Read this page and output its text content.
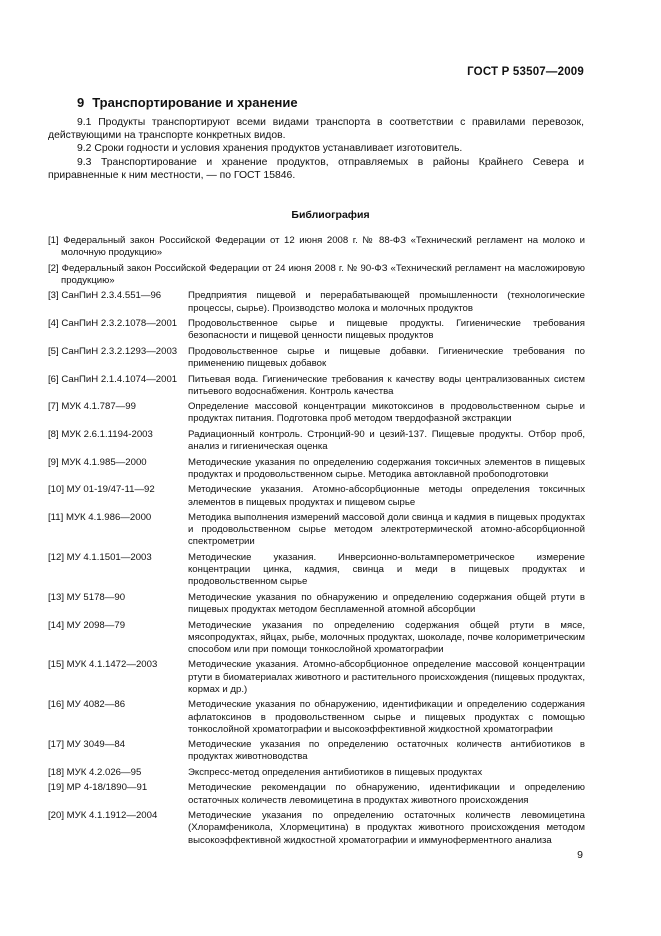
ГОСТ Р 53507—2009
9 Транспортирование и хранение

9.1 Продукты транспортируют всеми видами транспорта в соответствии с правилами перевозок, действующими на транспорте конкретных видов.

9.2 Сроки годности и условия хранения продуктов устанавливает изготовитель.

9.3 Транспортирование и хранение продуктов, отправляемых в районы Крайнего Севера и приравненные к ним местности, — по ГОСТ 15846.

Библиография

[1] Федеральный закон Российской Федерации от 12 июня 2008 г. № 88-ФЗ «Технический регламент на молоко и молочную продукцию»

[2] Федеральный закон Российской Федерации от 24 июня 2008 г. № 90-ФЗ «Технический регламент на масложировую продукцию»

[3] СанПиН 2.3.4.551—96	Предприятия пищевой и перерабатывающей промышленности (технологические процессы, сырье). Производство молока и молочных продуктов
[4] СанПиН 2.3.2.1078—2001	Продовольственное сырье и пищевые продукты. Гигиенические требования безопасности и пищевой ценности пищевых продуктов
[5] СанПиН 2.3.2.1293—2003	Продовольственное сырье и пищевые добавки. Гигиенические требования по применению пищевых добавок
[6] СанПиН 2.1.4.1074—2001	Питьевая вода. Гигиенические требования к качеству воды централизованных систем питьевого водоснабжения. Контроль качества
[7] МУК 4.1.787—99	Определение массовой концентрации микотоксинов в продовольственном сырье и продуктах питания. Подготовка проб методом твердофазной экстракции
[8] МУК 2.6.1.1194-2003	Радиационный контроль. Стронций-90 и цезий-137. Пищевые продукты. Отбор проб, анализ и гигиеническая оценка
[9] МУК 4.1.985—2000	Методические указания по определению содержания токсичных элементов в пищевых продуктах и продовольственном сырье. Методика автоклавной пробоподготовки
[10] МУ 01-19/47-11—92	Методические указания. Атомно-абсорбционные методы определения токсичных элементов в пищевых продуктах и пищевом сырье
[11] МУК 4.1.986—2000	Методика выполнения измерений массовой доли свинца и кадмия в пищевых продуктах и продовольственном сырье методом электротермической атомно-абсорбционной спектрометрии
[12] МУ 4.1.1501—2003	Методические указания. Инверсионно-вольтамперометрическое измерение концентрации цинка, кадмия, свинца и меди в пищевых продуктах и продовольственном сырье
[13] МУ 5178—90	Методические указания по обнаружению и определению содержания общей ртути в пищевых продуктах методом беспламенной атомной абсорбции
[14] МУ 2098—79	Методические указания по определению содержания общей ртути в мясе, мясопродуктах, яйцах, рыбе, молочных продуктах, шоколаде, почве колориметрическим способом или при помощи тонкослойной хроматографии
[15] МУК 4.1.1472—2003	Методические указания. Атомно-абсорбционное определение массовой концентрации ртути в биоматериалах животного и растительного происхождения (пищевых продуктах, кормах и др.)
[16] МУ 4082—86	Методические указания по обнаружению, идентификации и определению содержания афлатоксинов в продовольственном сырье и пищевых продуктах с помощью тонкослойной хроматографии и высокоэффективной жидкостной хроматографии
[17] МУ 3049—84	Методические указания по определению остаточных количеств антибиотиков в продуктах животноводства
[18] МУК 4.2.026—95	Экспресс-метод определения антибиотиков в пищевых продуктах
[19] МР 4-18/1890—91	Методические рекомендации по обнаружению, идентификации и определению остаточных количеств левомицетина в продуктах животного происхождения
[20] МУК 4.1.1912—2004	Методические указания по определению остаточных количеств левомицетина (Хлорамфеникола, Хлормецитина) в продуктах животного происхождения методом высокоэффективной жидкостной хроматографии и иммуноферментного анализа
9
